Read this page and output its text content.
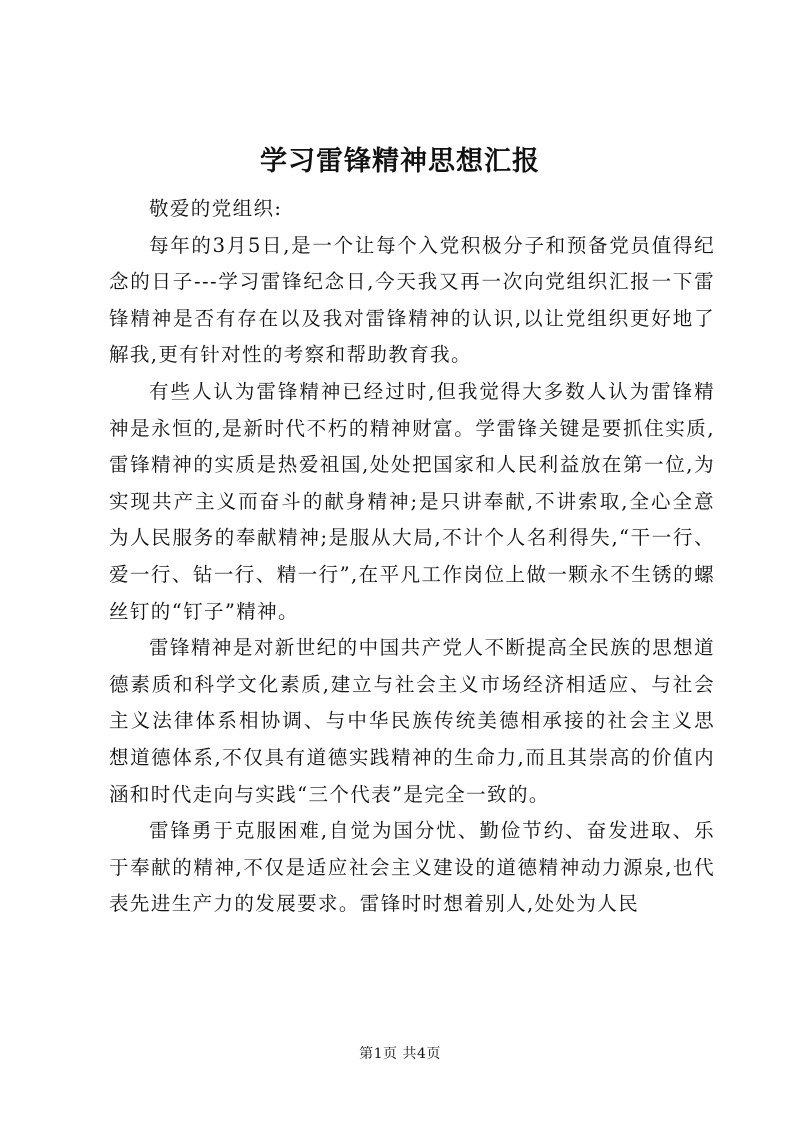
学习雷锋精神思想汇报

敬爱的党组织:

每年的3月5日,是一个让每个入党积极分子和预备党员值得纪念的日子---学习雷锋纪念日,今天我又再一次向党组织汇报一下雷锋精神是否有存在以及我对雷锋精神的认识,以让党组织更好地了解我,更有针对性的考察和帮助教育我。

有些人认为雷锋精神已经过时,但我觉得大多数人认为雷锋精神是永恒的,是新时代不朽的精神财富。学雷锋关键是要抓住实质,雷锋精神的实质是热爱祖国,处处把国家和人民利益放在第一位,为实现共产主义而奋斗的献身精神;是只讲奉献,不讲索取,全心全意为人民服务的奉献精神;是服从大局,不计个人名利得失,“干一行、爱一行、钻一行、精一行”,在平凡工作岗位上做一颗永不生锈的螺丝钉的“钉子”精神。

雷锋精神是对新世纪的中国共产党人不断提高全民族的思想道德素质和科学文化素质,建立与社会主义市场经济相适应、与社会主义法律体系相协调、与中华民族传统美德相承接的社会主义思想道德体系,不仅具有道德实践精神的生命力,而且其崇高的价值内涵和时代走向与实践“三个代表”是完全一致的。

雷锋勇于克服困难,自觉为国分忧、勤俭节约、奋发进取、乐于奉献的精神,不仅是适应社会主义建设的道德精神动力源泉,也代表先进生产力的发展要求。雷锋时时想着别人,处处为人民

第1页 共4页
